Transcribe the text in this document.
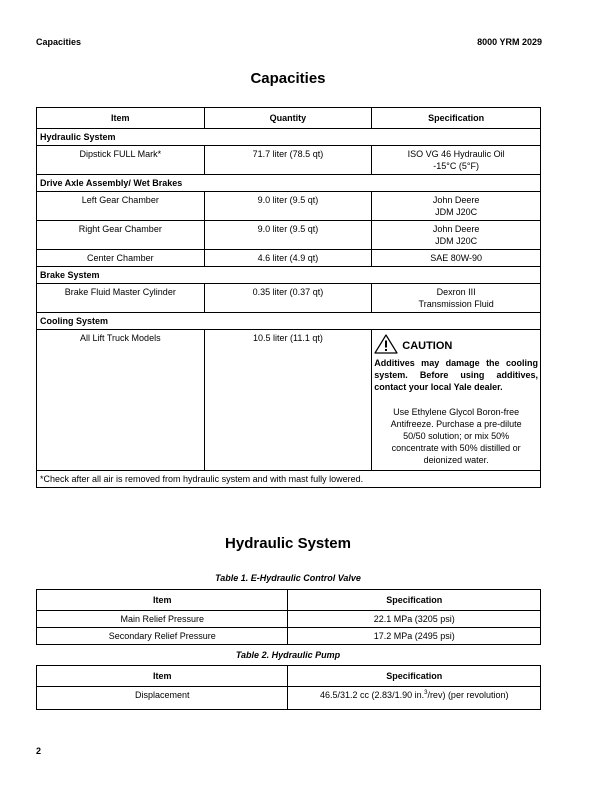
Capacities	8000 YRM 2029
Capacities
Item	Quantity	Specification
Hydraulic System		
Dipstick FULL Mark*	71.7 liter (78.5 qt)	ISO VG 46 Hydraulic Oil
-15°C (5°F)

Drive Axle Assembly/ Wet Brakes		
Left Gear Chamber	9.0 liter (9.5 qt)	John Deere
JDM J20C

Right Gear Chamber	9.0 liter (9.5 qt)	John Deere
JDM J20C

Center Chamber	4.6 liter (4.9 qt)	SAE 80W-90
Brake System		
Brake Fluid Master Cylinder	0.35 liter (0.37 qt)	Dexron III
Transmission Fluid

Cooling System		
All Lift Truck Models	10.5 liter (11.1 qt)	CAUTION
Additives may damage the cooling system. Before using additives, contact your local Yale dealer.
Use Ethylene Glycol Boron-free Antifreeze. Purchase a pre-dilute 50/50 solution; or mix 50% concentrate with 50% distilled or deionized water.

*Check after all air is removed from hydraulic system and with mast fully lowered.		
Hydraulic System
Table 1. E-Hydraulic Control Valve
Item	Specification
Main Relief Pressure	22.1 MPa (3205 psi)
Secondary Relief Pressure	17.2 MPa (2495 psi)
Table 2. Hydraulic Pump
Item	Specification
Displacement	46.5/31.2 cc (2.83/1.90 in.$^3$/rev) (per revolution)
2
